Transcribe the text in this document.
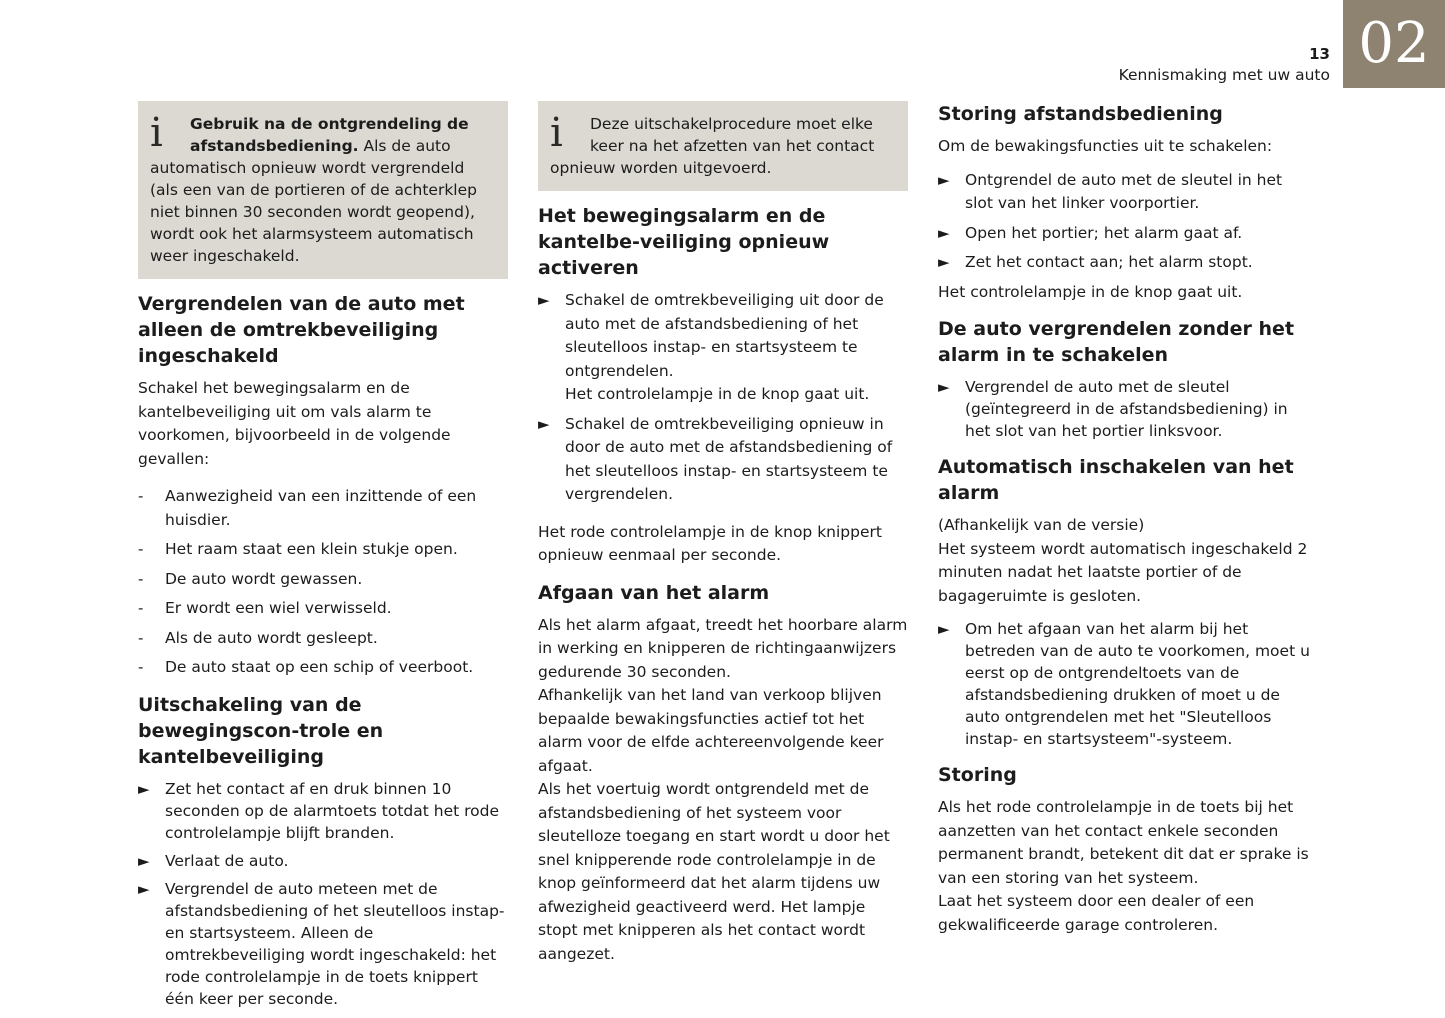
13
Kennismaking met uw auto 02
i	Gebruik na de ontgrendeling de afstandsbediening. Als de auto automatisch opnieuw wordt vergrendeld (als een van de portieren of de achterklep niet binnen 30 seconden wordt geopend), wordt ook het alarmsysteem automatisch weer ingeschakeld.
Vergrendelen van de auto met alleen de omtrekbeveiliging ingeschakeld

Schakel het bewegingsalarm en de kantelbeveiliging uit om vals alarm te voorkomen, bijvoorbeeld in de volgende gevallen:

- Aanwezigheid van een inzittende of een huisdier.
- Het raam staat een klein stukje open.
- De auto wordt gewassen.
- Er wordt een wiel verwisseld.
- Als de auto wordt gesleept.
- De auto staat op een schip of veerboot.
Uitschakeling van de bewegingscon-trole en kantelbeveiliging
► Zet het contact af en druk binnen 10 seconden op de alarmtoets totdat het rode controlelampje blijft branden.
► Verlaat de auto.
► Vergrendel de auto meteen met de afstandsbediening of het sleutelloos instap- en startsysteem. Alleen de omtrekbeveiliging wordt ingeschakeld: het rode controlelampje in de toets knippert één keer per seconde.
i	Deze uitschakelprocedure moet elke keer na het afzetten van het contact opnieuw worden uitgevoerd.
Het bewegingsalarm en de kantelbe-veiliging opnieuw activeren
► Schakel de omtrekbeveiliging uit door de auto met de afstandsbediening of het sleutelloos instap- en startsysteem te ontgrendelen.
Het controlelampje in de knop gaat uit.
► Schakel de omtrekbeveiliging opnieuw in door de auto met de afstandsbediening of het sleutelloos instap- en startsysteem te vergrendelen.

Het rode controlelampje in de knop knippert opnieuw eenmaal per seconde.

Afgaan van het alarm

Als het alarm afgaat, treedt het hoorbare alarm in werking en knipperen de richtingaanwijzers gedurende 30 seconden.
Afhankelijk van het land van verkoop blijven bepaalde bewakingsfuncties actief tot het alarm voor de elfde achtereenvolgende keer afgaat.
Als het voertuig wordt ontgrendeld met de afstandsbediening of het systeem voor sleutelloze toegang en start wordt u door het snel knipperende rode controlelampje in de knop geïnformeerd dat het alarm tijdens uw afwezigheid geactiveerd werd. Het lampje stopt met knipperen als het contact wordt aangezet.

Storing afstandsbediening

Om de bewakingsfuncties uit te schakelen:

► Ontgrendel de auto met de sleutel in het slot van het linker voorportier.
► Open het portier; het alarm gaat af.
► Zet het contact aan; het alarm stopt.

Het controlelampje in de knop gaat uit.

De auto vergrendelen zonder het alarm in te schakelen
► Vergrendel de auto met de sleutel (geïntegreerd in de afstandsbediening) in het slot van het portier linksvoor.
Automatisch inschakelen van het alarm

(Afhankelijk van de versie)
Het systeem wordt automatisch ingeschakeld 2 minuten nadat het laatste portier of de bagageruimte is gesloten.

► Om het afgaan van het alarm bij het betreden van de auto te voorkomen, moet u eerst op de ontgrendeltoets van de afstandsbediening drukken of moet u de auto ontgrendelen met het "Sleutelloos instap- en startsysteem"-systeem.
Storing

Als het rode controlelampje in de toets bij het aanzetten van het contact enkele seconden permanent brandt, betekent dit dat er sprake is van een storing van het systeem.
Laat het systeem door een dealer of een gekwalificeerde garage controleren.
